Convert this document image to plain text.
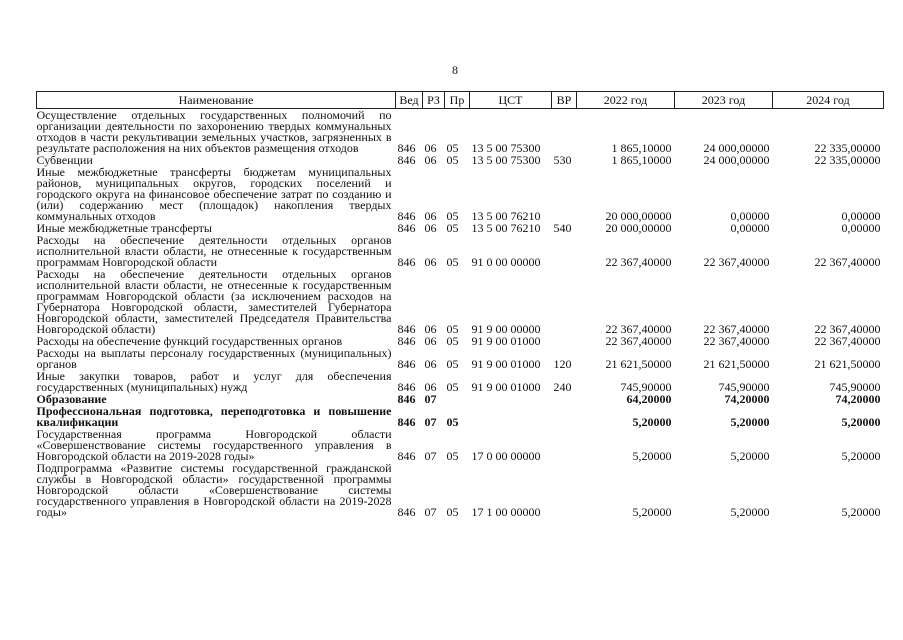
8
Наименование	Вед	РЗ	Пр	ЦСТ	ВР	2022 год	2023 год	2024 год
Осуществление отдельных государственных полномочий по организации деятельности по захоронению твердых коммунальных отходов в части рекультивации земельных участков, загрязненных в результате расположения на них объектов размещения отходов	846	06	05	13 5 00 75300		1 865,10000	24 000,00000	22 335,00000
Субвенции	846	06	05	13 5 00 75300	530	1 865,10000	24 000,00000	22 335,00000
Иные межбюджетные трансферты бюджетам муниципальных районов, муниципальных округов, городских поселений и городского округа на финансовое обеспечение затрат по созданию и (или) содержанию мест (площадок) накопления твердых коммунальных отходов	846	06	05	13 5 00 76210		20 000,00000	0,00000	0,00000
Иные межбюджетные трансферты	846	06	05	13 5 00 76210	540	20 000,00000	0,00000	0,00000
Расходы на обеспечение деятельности отдельных органов исполнительной власти области, не отнесенные к государственным программам Новгородской области	846	06	05	91 0 00 00000		22 367,40000	22 367,40000	22 367,40000
Расходы на обеспечение деятельности отдельных органов исполнительной власти области, не отнесенные к государственным программам Новгородской области (за исключением расходов на Губернатора Новгородской области, заместителей Губернатора Новгородской области, заместителей Председателя Правительства Новгородской области)	846	06	05	91 9 00 00000		22 367,40000	22 367,40000	22 367,40000
Расходы на обеспечение функций государственных органов	846	06	05	91 9 00 01000		22 367,40000	22 367,40000	22 367,40000
Расходы на выплаты персоналу государственных (муниципальных) органов	846	06	05	91 9 00 01000	120	21 621,50000	21 621,50000	21 621,50000
Иные закупки товаров, работ и услуг для обеспечения государственных (муниципальных) нужд	846	06	05	91 9 00 01000	240	745,90000	745,90000	745,90000
Образование	846	07				64,20000	74,20000	74,20000
Профессиональная подготовка, переподготовка и повышение квалификации	846	07	05			5,20000	5,20000	5,20000
Государственная программа Новгородской области «Совершенствование системы государственного управления в Новгородской области на 2019-2028 годы»	846	07	05	17 0 00 00000		5,20000	5,20000	5,20000
Подпрограмма «Развитие системы государственной гражданской службы в Новгородской области» государственной программы Новгородской области «Совершенствование системы государственного управления в Новгородской области на 2019-2028 годы»	846	07	05	17 1 00 00000		5,20000	5,20000	5,20000
